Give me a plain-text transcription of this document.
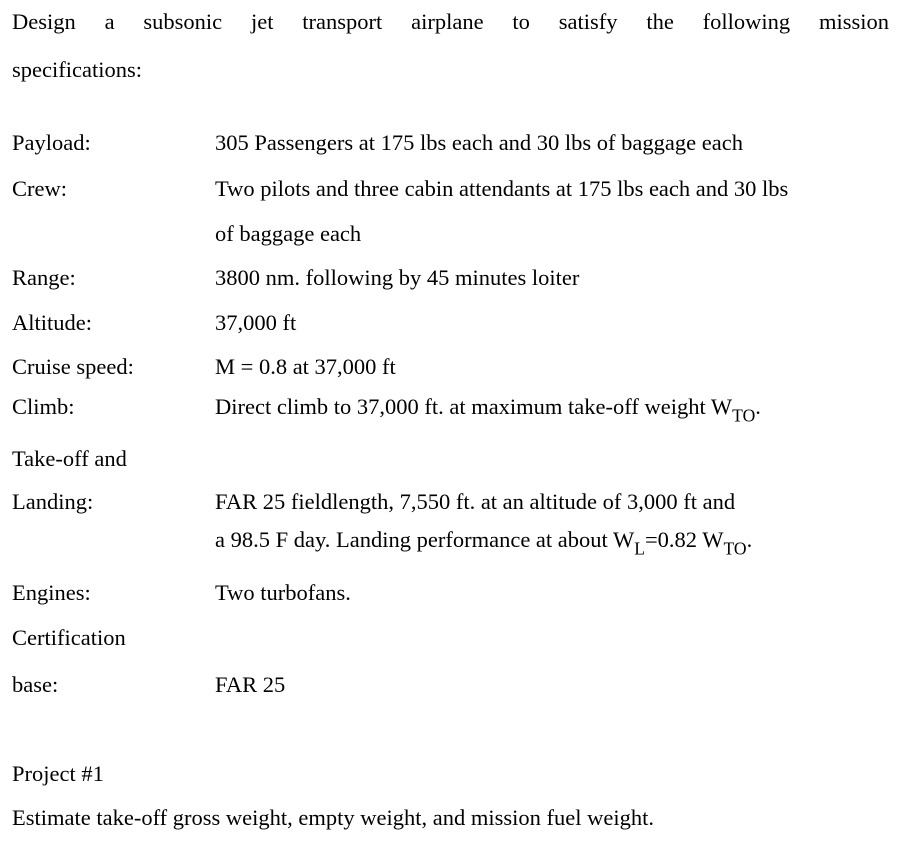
Design a subsonic jet transport airplane to satisfy the following mission
specifications:
Payload:	305 Passengers at 175 lbs each and 30 lbs of baggage each
Crew:	Two pilots and three cabin attendants at 175 lbs each and 30 lbs
of baggage each
Range:	3800 nm. following by 45 minutes loiter
Altitude:	37,000 ft
Cruise speed:	M = 0.8 at 37,000 ft
Climb:	Direct climb to 37,000 ft. at maximum take-off weight $W_{TO}$.
Take-off and
Landing:	FAR 25 fieldlength, 7,550 ft. at an altitude of 3,000 ft and
a 98.5 F day. Landing performance at about $W_L=0.82$ $W_{TO}$.
Engines:	Two turbofans.
Certification
base:	FAR 25
Project #1
Estimate take-off gross weight, empty weight, and mission fuel weight.
